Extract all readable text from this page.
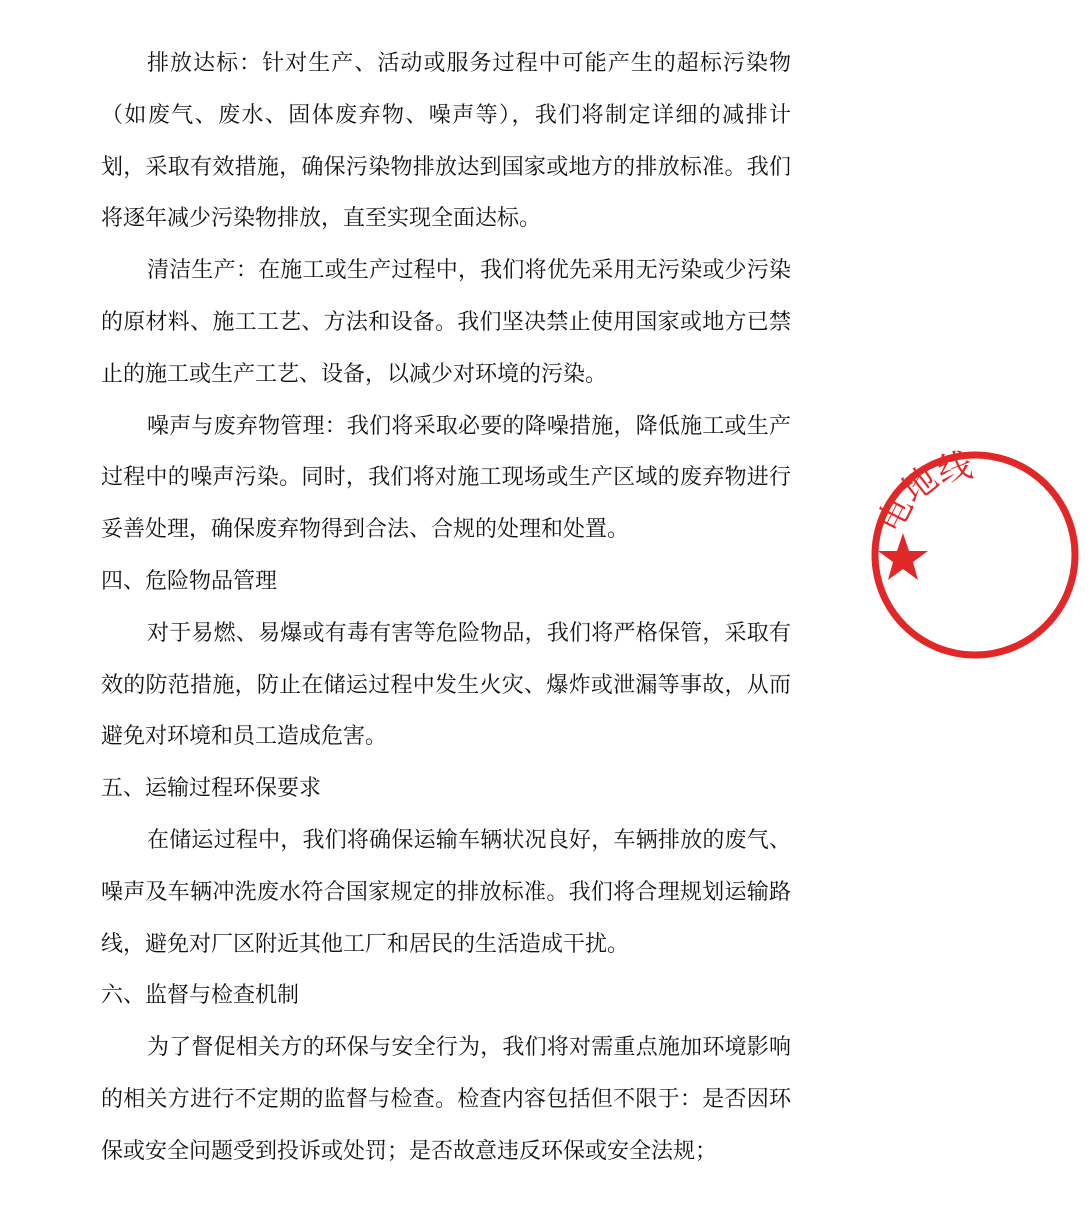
排放达标：针对生产、活动或服务过程中可能产生的超标污染物（如废气、废水、固体废弃物、噪声等），我们将制定详细的减排计划，采取有效措施，确保污染物排放达到国家或地方的排放标准。我们将逐年减少污染物排放，直至实现全面达标。

清洁生产：在施工或生产过程中，我们将优先采用无污染或少污染的原材料、施工工艺、方法和设备。我们坚决禁止使用国家或地方已禁止的施工或生产工艺、设备，以减少对环境的污染。

噪声与废弃物管理：我们将采取必要的降噪措施，降低施工或生产过程中的噪声污染。同时，我们将对施工现场或生产区域的废弃物进行妥善处理，确保废弃物得到合法、合规的处理和处置。

四、危险物品管理

对于易燃、易爆或有毒有害等危险物品，我们将严格保管，采取有效的防范措施，防止在储运过程中发生火灾、爆炸或泄漏等事故，从而避免对环境和员工造成危害。

五、运输过程环保要求

在储运过程中，我们将确保运输车辆状况良好，车辆排放的废气、噪声及车辆冲洗废水符合国家规定的排放标准。我们将合理规划运输路线，避免对厂区附近其他工厂和居民的生活造成干扰。

六、监督与检查机制

为了督促相关方的环保与安全行为，我们将对需重点施加环境影响的相关方进行不定期的监督与检查。检查内容包括但不限于：是否因环保或安全问题受到投诉或处罚；是否故意违反环保或安全法规；

电地线
